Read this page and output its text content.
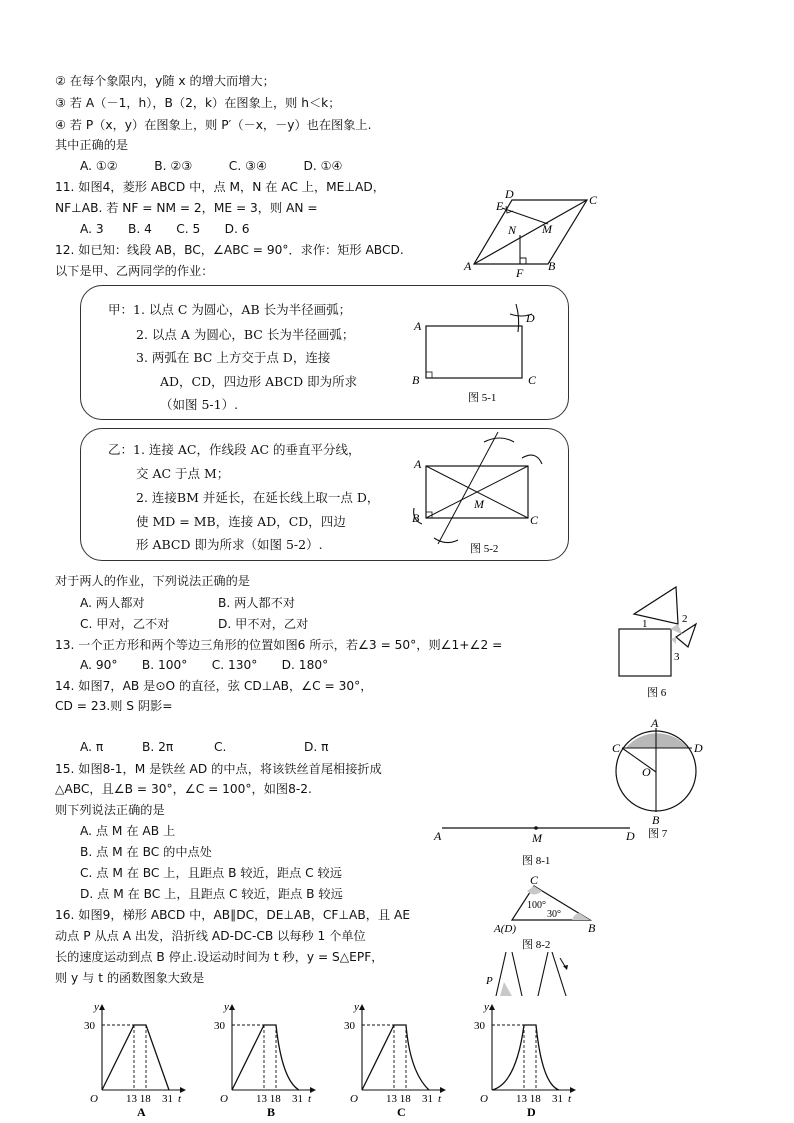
② 在每个象限内，y随 x 的增大而增大；
③ 若 A（－1，h），B（2，k）在图象上，则 h＜k；
④ 若 P（x，y）在图象上，则 P′（－x，－y）也在图象上.
其中正确的是
A. ①②　　　B. ②③　　　C. ③④　　　D. ①④
11. 如图4，菱形 ABCD 中，点 M，N 在 AC 上，ME⊥AD，
NF⊥AB. 若 NF = NM = 2，ME = 3，则 AN =
A. 3　　B. 4　　C. 5　　D. 6
12. 如已知：线段 AB，BC，∠ABC = 90°．求作：矩形 ABCD.
以下是甲、乙两同学的作业：
D	C
E
N M
A	B
F
甲：1. 以点 C 为圆心，AB 长为半径画弧；
2. 以点 A 为圆心，BC 长为半径画弧；
3. 两弧在 BC 上方交于点 D，连接
AD，CD，四边形 ABCD 即为所求
（如图 5-1）.
A
D
B	C
图 5-1
乙：1. 连接 AC，作线段 AC 的垂直平分线，
交 AC 于点 M；
2. 连接BM 并延长，在延长线上取一点 D，
使 MD = MB，连接 AD，CD，四边
形 ABCD 即为所求（如图 5-2）.
A
M
B	C
图 5-2
对于两人的作业，下列说法正确的是
A. 两人都对	B. 两人都不对
C. 甲对，乙不对	D. 甲不对，乙对
13. 一个正方形和两个等边三角形的位置如图6 所示，若∠3 = 50°，则∠1+∠2 =
A. 90°　　B. 100°　　C. 130°　　D. 180°
1	2
3
图 6
14. 如图7，AB 是⊙O 的直径，弦 CD⊥AB，∠C = 30°，
CD = 23.则 S 阴影=
A. π	B. 2π	C.	D. π
A
C	D
O
B
图 7
15. 如图8-1，M 是铁丝 AD 的中点，将该铁丝首尾相接折成
△ABC，且∠B = 30°，∠C = 100°，如图8-2.
则下列说法正确的是
A. 点 M 在 AB 上
B. 点 M 在 BC 的中点处
C. 点 M 在 BC 上，且距点 B 较近，距点 C 较远
D. 点 M 在 BC 上，且距点 C 较近，距点 B 较远
A	M	D
图 8-1
C
A(D)	B
100°
30°
图 8-2
16. 如图9，梯形 ABCD 中，AB∥DC，DE⊥AB，CF⊥AB，且 AE
动点 P 从点 A 出发，沿折线 AD-DC-CB 以每秒 1 个单位
长的速度运动到点 B 停止.设运动时间为 t 秒，y = S△EPF，
则 y 与 t 的函数图象大致是	P
y
30
O	13 18 31 t
A
y
30
O	13 18 31 t
B
y
30
O	13 18 31 t
C
y
30
O	13 18 31 t
D
